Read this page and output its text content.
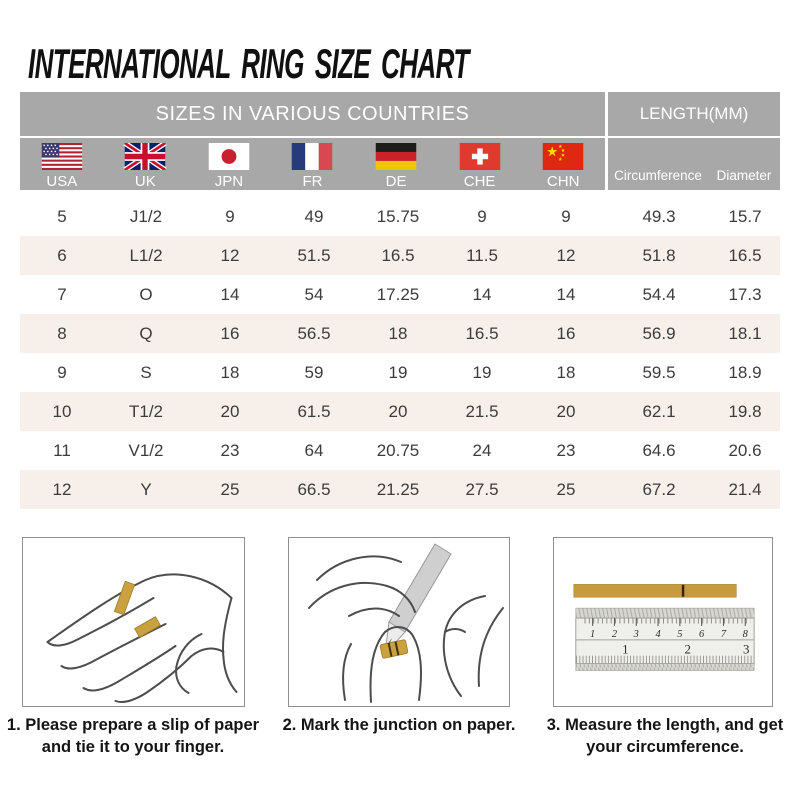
INTERNATIONAL RING SIZE CHART
SIZES IN VARIOUS COUNTRIES	LENGTH(MM)
USA	UK	JPN	FR	DE	CHE	CHN	Circumference	Diameter
5	J1/2	9	49	15.75	9	9	49.3	15.7
6	L1/2	12	51.5	16.5	11.5	12	51.8	16.5
7	O	14	54	17.25	14	14	54.4	17.3
8	Q	16	56.5	18	16.5	16	56.9	18.1
9	S	18	59	19	19	18	59.5	18.9
10	T1/2	20	61.5	20	21.5	20	62.1	19.8
11	V1/2	23	64	20.75	24	23	64.6	20.6
12	Y	25	66.5	21.25	27.5	25	67.2	21.4
1 2 3 4 5 6 7 8
1	2	3
1. Please prepare a slip of paper and tie it to your finger.
2. Mark the junction on paper.	3. Measure the length, and get your circumference.
